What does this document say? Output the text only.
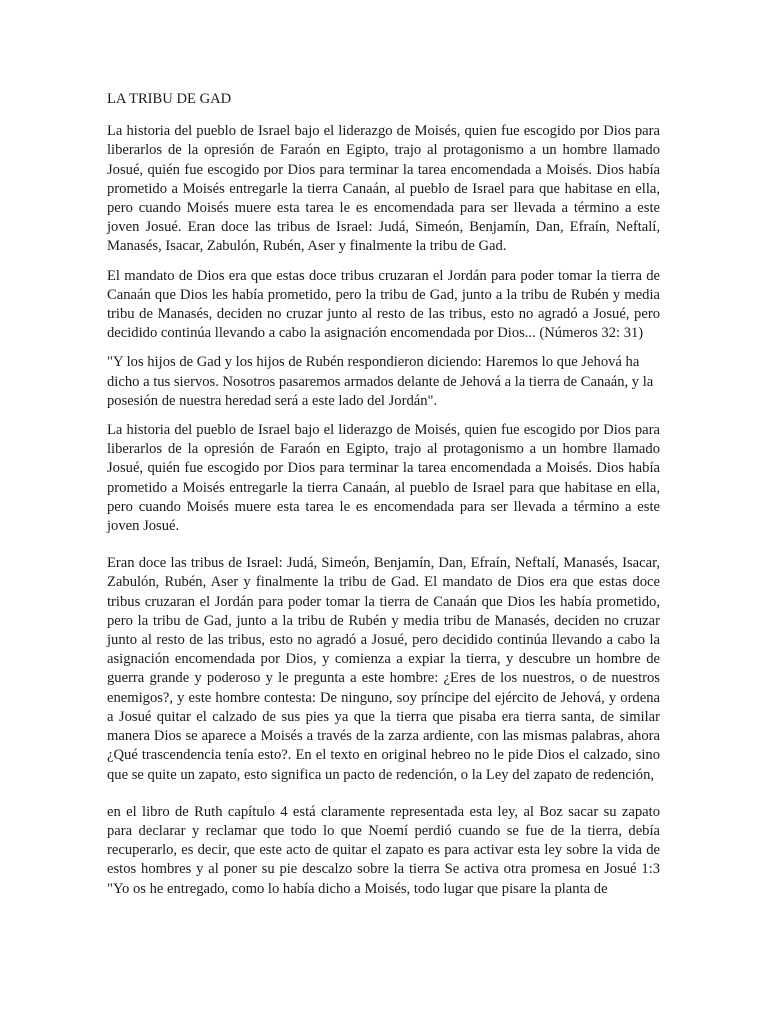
LA TRIBU DE GAD

La historia del pueblo de Israel bajo el liderazgo de Moisés, quien fue escogido por Dios para liberarlos de la opresión de Faraón en Egipto, trajo al protagonismo a un hombre llamado Josué, quién fue escogido por Dios para terminar la tarea encomendada a Moisés. Dios había prometido a Moisés entregarle la tierra Canaán, al pueblo de Israel para que habitase en ella, pero cuando Moisés muere esta tarea le es encomendada para ser llevada a término a este joven Josué. Eran doce las tribus de Israel: Judá, Simeón, Benjamín, Dan, Efraín, Neftalí, Manasés, Isacar, Zabulón, Rubén, Aser y finalmente la tribu de Gad.

El mandato de Dios era que estas doce tribus cruzaran el Jordán para poder tomar la tierra de Canaán que Dios les había prometido, pero la tribu de Gad, junto a la tribu de Rubén y media tribu de Manasés, deciden no cruzar junto al resto de las tribus, esto no agradó a Josué, pero decidido continúa llevando a cabo la asignación encomendada por Dios... (Números 32: 31)

"Y los hijos de Gad y los hijos de Rubén respondieron diciendo: Haremos lo que Jehová ha dicho a tus siervos. Nosotros pasaremos armados delante de Jehová a la tierra de Canaán, y la posesión de nuestra heredad será a este lado del Jordán".

La historia del pueblo de Israel bajo el liderazgo de Moisés, quien fue escogido por Dios para liberarlos de la opresión de Faraón en Egipto, trajo al protagonismo a un hombre llamado Josué, quién fue escogido por Dios para terminar la tarea encomendada a Moisés. Dios había prometido a Moisés entregarle la tierra Canaán, al pueblo de Israel para que habitase en ella, pero cuando Moisés muere esta tarea le es encomendada para ser llevada a término a este joven Josué.

Eran doce las tribus de Israel: Judá, Simeón, Benjamín, Dan, Efraín, Neftalí, Manasés, Isacar, Zabulón, Rubén, Aser y finalmente la tribu de Gad. El mandato de Dios era que estas doce tribus cruzaran el Jordán para poder tomar la tierra de Canaán que Dios les había prometido, pero la tribu de Gad, junto a la tribu de Rubén y media tribu de Manasés, deciden no cruzar junto al resto de las tribus, esto no agradó a Josué, pero decidido continúa llevando a cabo la asignación encomendada por Dios, y comienza a expiar la tierra, y descubre un hombre de guerra grande y poderoso y le pregunta a este hombre: ¿Eres de los nuestros, o de nuestros enemigos?, y este hombre contesta: De ninguno, soy príncipe del ejército de Jehová, y ordena a Josué quitar el calzado de sus pies ya que la tierra que pisaba era tierra santa, de similar manera Dios se aparece a Moisés a través de la zarza ardiente, con las mismas palabras, ahora ¿Qué trascendencia tenía esto?. En el texto en original hebreo no le pide Dios el calzado, sino que se quite un zapato, esto significa un pacto de redención, o la Ley del zapato de redención,

en el libro de Ruth capítulo 4 está claramente representada esta ley, al Boz sacar su zapato para declarar y reclamar que todo lo que Noemí perdió cuando se fue de la tierra, debía recuperarlo, es decir, que este acto de quitar el zapato es para activar esta ley sobre la vida de estos hombres y al poner su pie descalzo sobre la tierra Se activa otra promesa en Josué 1:3 "Yo os he entregado, como lo había dicho a Moisés, todo lugar que pisare la planta de
